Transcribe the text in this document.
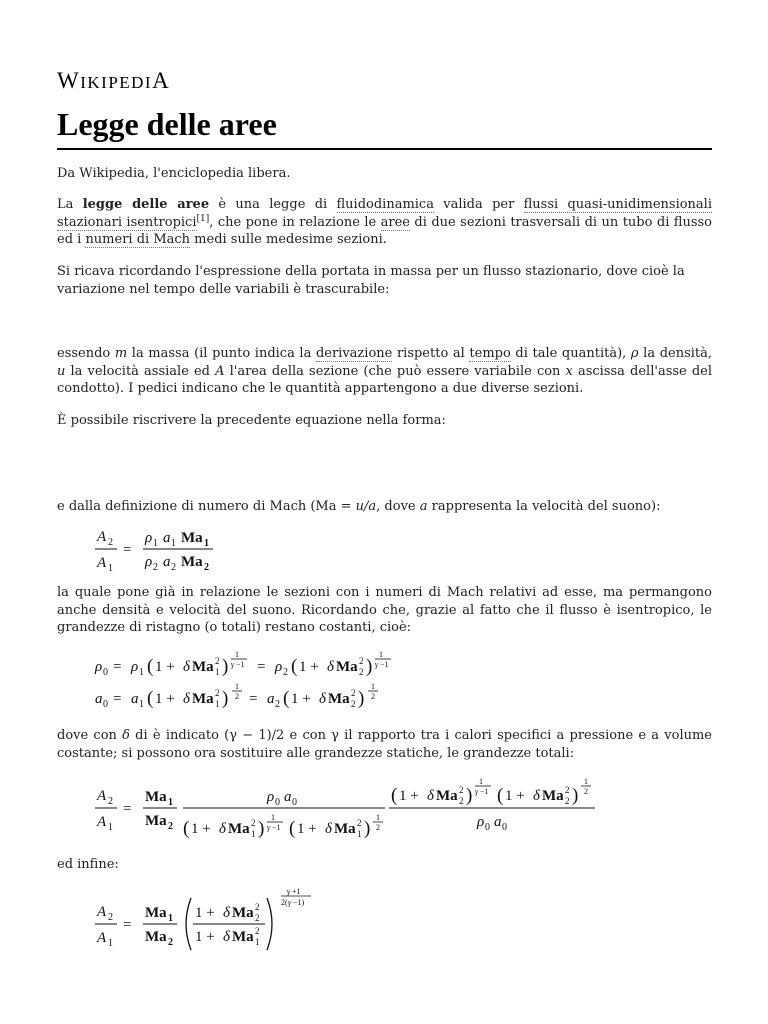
WIKIPEDIA
Legge delle aree
Da Wikipedia, l'enciclopedia libera.
La legge delle aree è una legge di fluidodinamica valida per flussi quasi-unidimensionali stazionari isentropici[1], che pone in relazione le aree di due sezioni trasversali di un tubo di flusso ed i numeri di Mach medi sulle medesime sezioni.
Si ricava ricordando l'espressione della portata in massa per un flusso stazionario, dove cioè la variazione nel tempo delle variabili è trascurabile:
essendo m la massa (il punto indica la derivazione rispetto al tempo di tale quantità), ρ la densità, u la velocità assiale ed A l'area della sezione (che può essere variabile con x ascissa dell'asse del condotto). I pedici indicano che le quantità appartengono a due diverse sezioni.
È possibile riscrivere la precedente equazione nella forma:
e dalla definizione di numero di Mach (Ma = u/a, dove a rappresenta la velocità del suono):
A 2
A 1
=
ρ 1 a 1 Ma 1
ρ 2 a 2 Ma 2
la quale pone già in relazione le sezioni con i numeri di Mach relativi ad esse, ma permangono anche densità e velocità del suono. Ricordando che, grazie al fatto che il flusso è isentropico, le grandezze di ristagno (o totali) restano costanti, cioè:
ρ 0 = ρ 1 ( 1 + δ Ma 2
1 )
1
γ −1 = ρ 2 ( 1 + δ Ma 2
2 )
1
γ −1
a 0 = a 1 ( 1 + δ Ma 2
1 )
1
2 = a 2 ( 1 + δ Ma 2
2 )
1
2
dove con δ di è indicato (γ − 1)/2 e con γ il rapporto tra i calori specifici a pressione e a volume costante; si possono ora sostituire alle grandezze statiche, le grandezze totali:
A 2
A 1
=
Ma 1
Ma 2
ρ 0 a 0
( 1 + δ Ma 2
1 )
1
γ −1 ( 1 + δ Ma 2
1 )
1
2
( 1 + δ Ma 2
2 )
1
γ −1 ( 1 + δ Ma 2
2 )
1
2
ρ 0 a 0
ed infine:
A 2
A 1
=
Ma 1
Ma 2
1 + δ Ma 2
2
1 + δ Ma 2
1
γ +1
2( γ −1)
